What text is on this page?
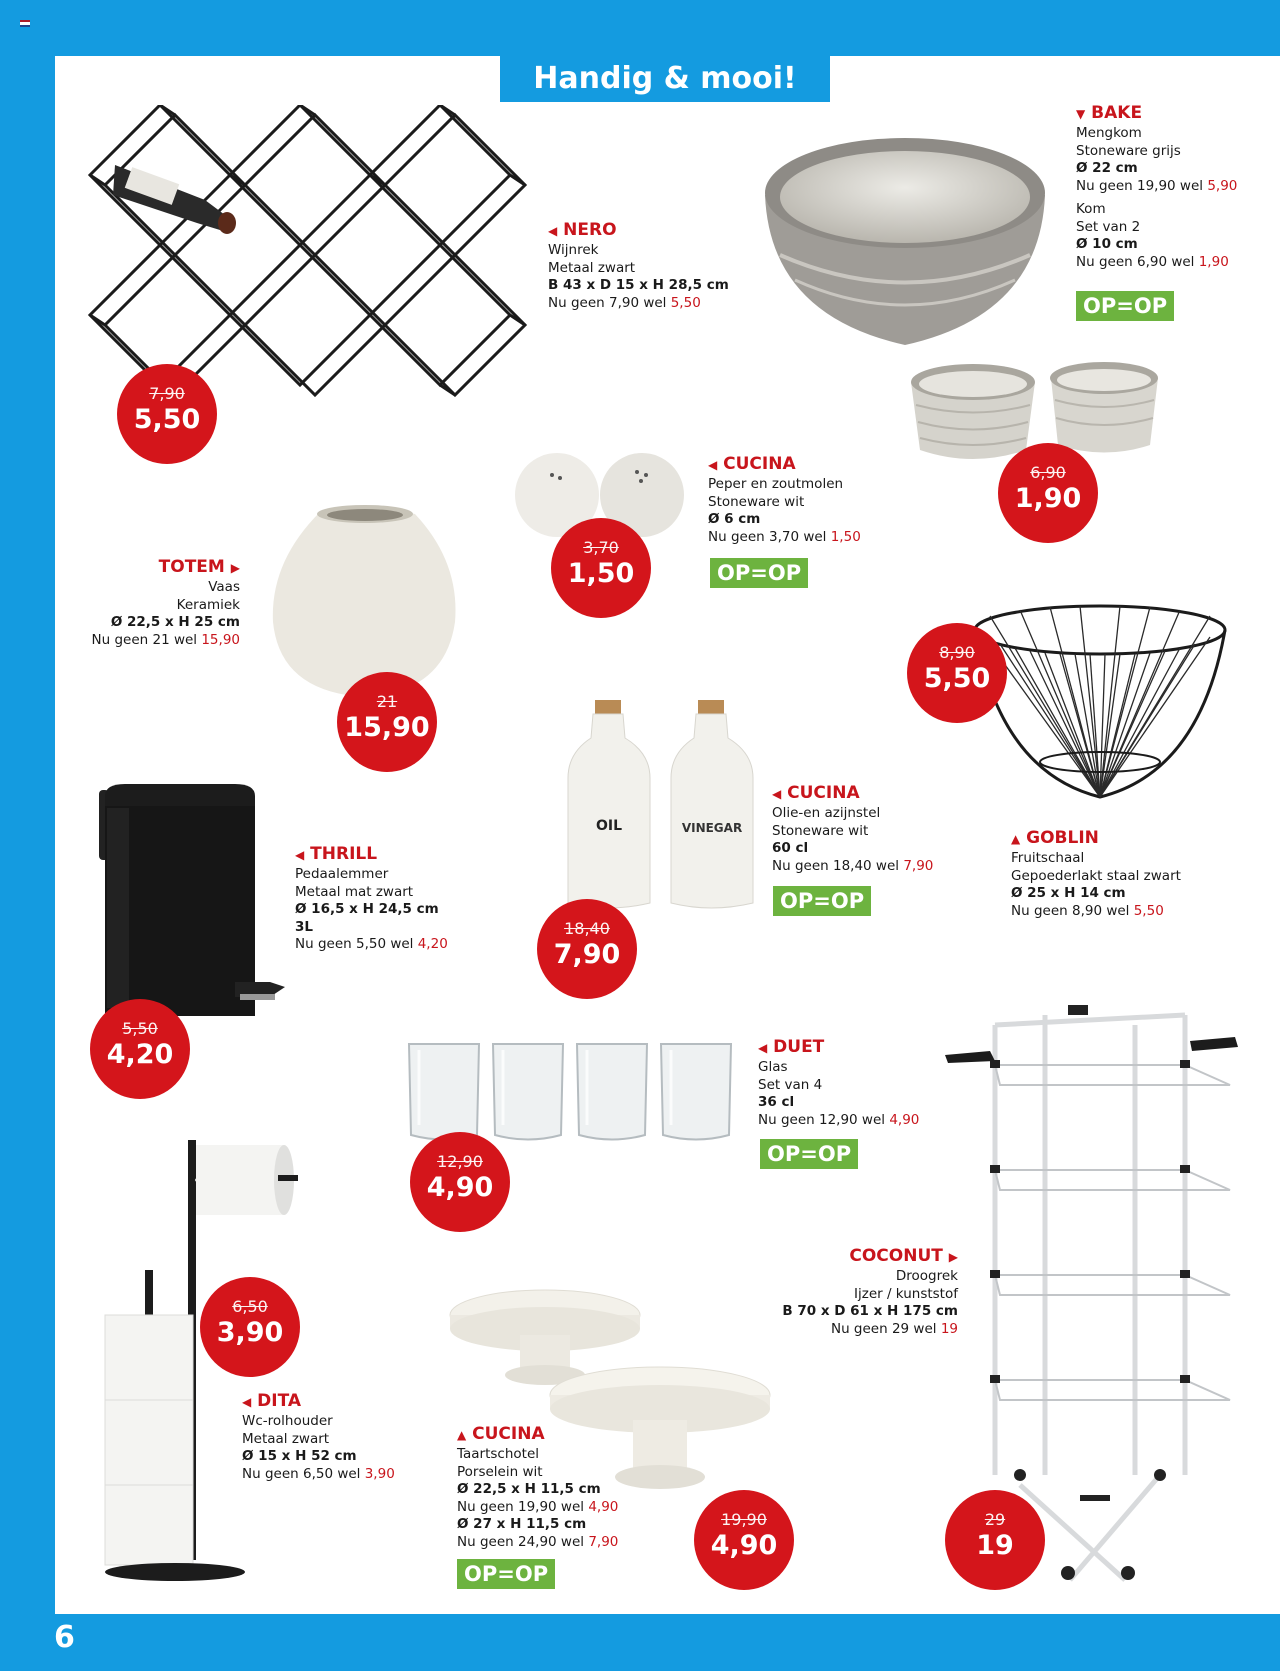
Handig & mooi!
7,90
5,50
◀ NERO
Wijnrek
Metaal zwart
B 43 x D 15 x H 28,5 cm
Nu geen 7,90 wel 5,50
▼ BAKE
Mengkom
Stoneware grijs
Ø 22 cm
Nu geen 19,90 wel 5,90
Kom
Set van 2
Ø 10 cm
Nu geen 6,90 wel 1,90
OP=OP
6,90
1,90
3,70
1,50
◀ CUCINA
Peper en zoutmolen
Stoneware wit
Ø 6 cm
Nu geen 3,70 wel 1,50
OP=OP
21
15,90
TOTEM ▶
Vaas
Keramiek
Ø 22,5 x H 25 cm
Nu geen 21 wel 15,90
8,90
5,50
▲ GOBLIN
Fruitschaal
Gepoederlakt staal zwart
Ø 25 x H 14 cm
Nu geen 8,90 wel 5,50
OIL	VINEGAR
18,40
7,90
◀ CUCINA
Olie-en azijnstel
Stoneware wit
60 cl
Nu geen 18,40 wel 7,90
OP=OP
◀ THRILL
Pedaalemmer
Metaal mat zwart
Ø 16,5 x H 24,5 cm
3L
Nu geen 5,50 wel 4,20
5,50
4,20
12,90
4,90
◀ DUET
Glas
Set van 4
36 cl
Nu geen 12,90 wel 4,90
OP=OP
COCONUT ▶
Droogrek
Ijzer / kunststof
B 70 x D 61 x H 175 cm
Nu geen 29 wel 19
29
19
6,50
3,90
◀ DITA
Wc-rolhouder
Metaal zwart
Ø 15 x H 52 cm
Nu geen 6,50 wel 3,90
▲ CUCINA
Taartschotel
Porselein wit
Ø 22,5 x H 11,5 cm
Nu geen 19,90 wel 4,90
Ø 27 x H 11,5 cm
Nu geen 24,90 wel 7,90
OP=OP
19,90
4,90
6
